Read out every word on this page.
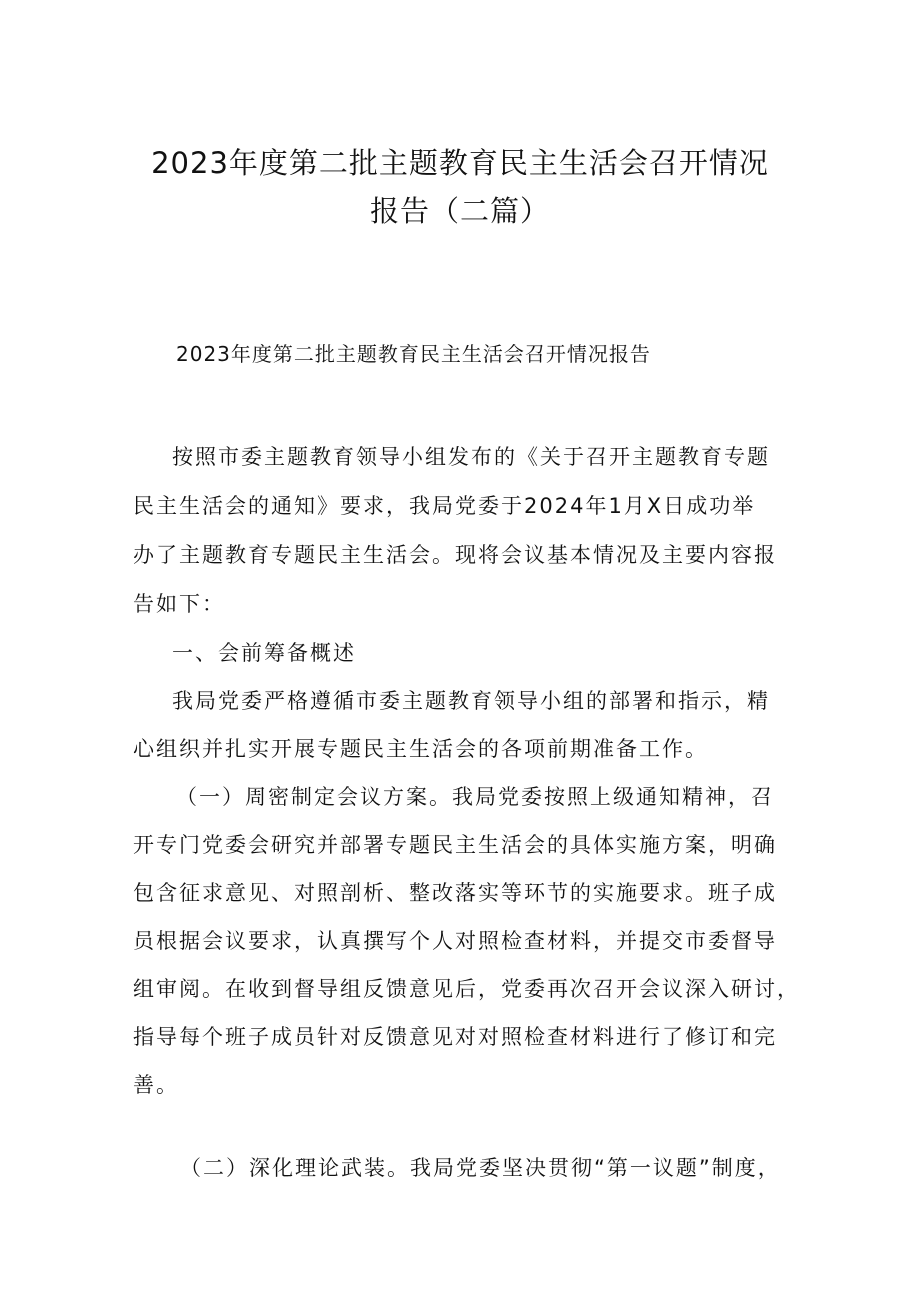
2023年度第二批主题教育民主生活会召开情况
报告（二篇）
2023年度第二批主题教育民主生活会召开情况报告
按照市委主题教育领导小组发布的《关于召开主题教育专题
民主生活会的通知》要求，我局党委于2024年1月X日成功举
办了主题教育专题民主生活会。现将会议基本情况及主要内容报
告如下：
一、会前筹备概述
我局党委严格遵循市委主题教育领导小组的部署和指示，精
心组织并扎实开展专题民主生活会的各项前期准备工作。
（一）周密制定会议方案。我局党委按照上级通知精神，召
开专门党委会研究并部署专题民主生活会的具体实施方案，明确
包含征求意见、对照剖析、整改落实等环节的实施要求。班子成
员根据会议要求，认真撰写个人对照检查材料，并提交市委督导
组审阅。在收到督导组反馈意见后，党委再次召开会议深入研讨，
指导每个班子成员针对反馈意见对对照检查材料进行了修订和完
善。
（二）深化理论武装。我局党委坚决贯彻“第一议题”制度，
